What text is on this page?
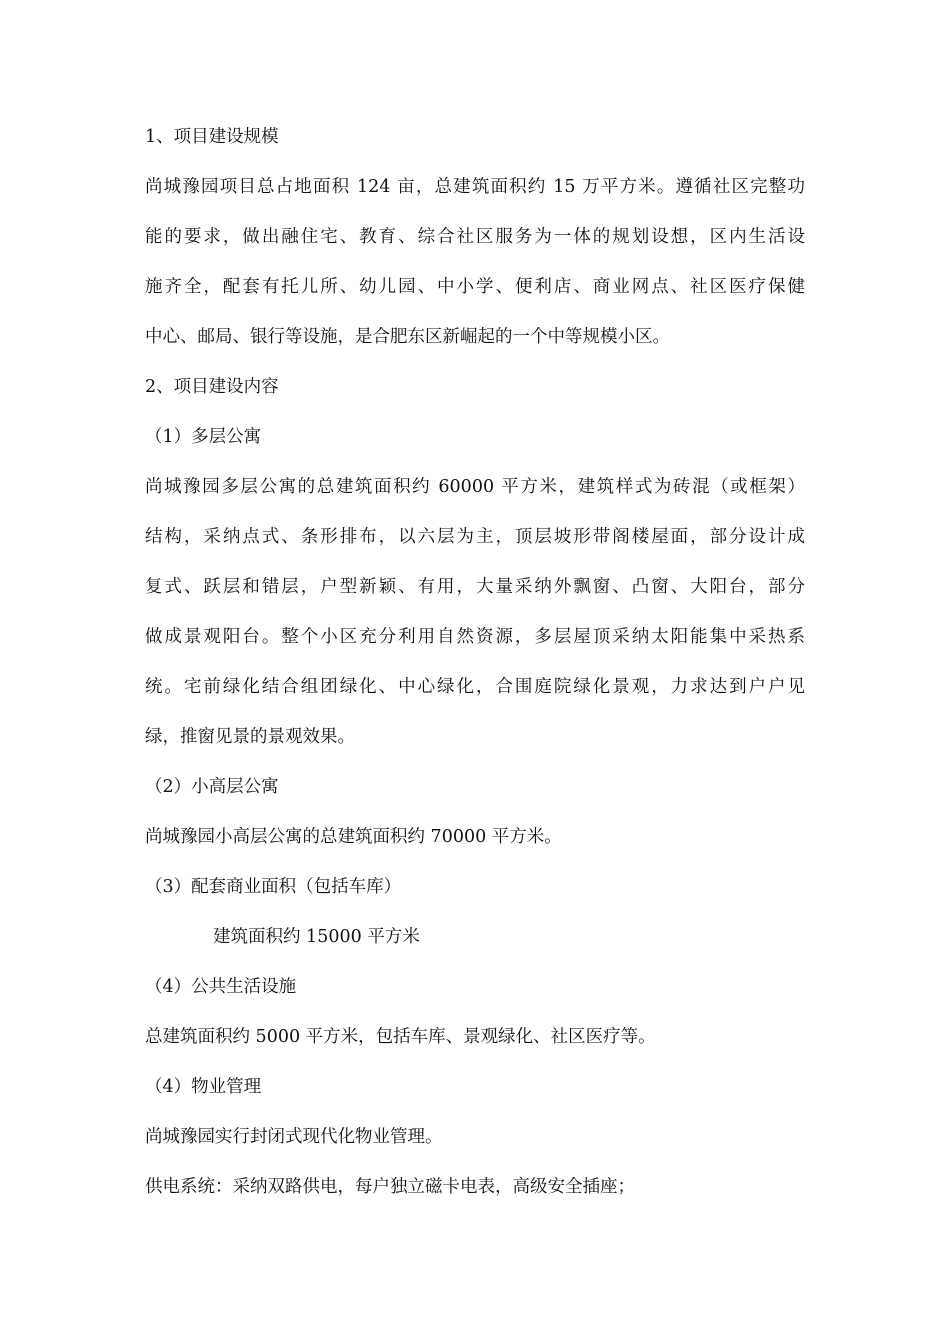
1、项目建设规模
尚城豫园项目总占地面积 124 亩，总建筑面积约 15 万平方米。遵循社区完整功
能的要求，做出融住宅、教育、综合社区服务为一体的规划设想，区内生活设
施齐全，配套有托儿所、幼儿园、中小学、便利店、商业网点、社区医疗保健
中心、邮局、银行等设施，是合肥东区新崛起的一个中等规模小区。
2、项目建设内容
（1）多层公寓
尚城豫园多层公寓的总建筑面积约 60000 平方米，建筑样式为砖混（或框架）
结构，采纳点式、条形排布，以六层为主，顶层坡形带阁楼屋面，部分设计成
复式、跃层和错层，户型新颖、有用，大量采纳外飘窗、凸窗、大阳台，部分
做成景观阳台。整个小区充分利用自然资源，多层屋顶采纳太阳能集中采热系
统。宅前绿化结合组团绿化、中心绿化，合围庭院绿化景观，力求达到户户见
绿，推窗见景的景观效果。
（2）小高层公寓
尚城豫园小高层公寓的总建筑面积约 70000 平方米。
（3）配套商业面积（包括车库）
建筑面积约 15000 平方米
（4）公共生活设施
总建筑面积约 5000 平方米，包括车库、景观绿化、社区医疗等。
（4）物业管理
尚城豫园实行封闭式现代化物业管理。
供电系统：采纳双路供电，每户独立磁卡电表，高级安全插座；
